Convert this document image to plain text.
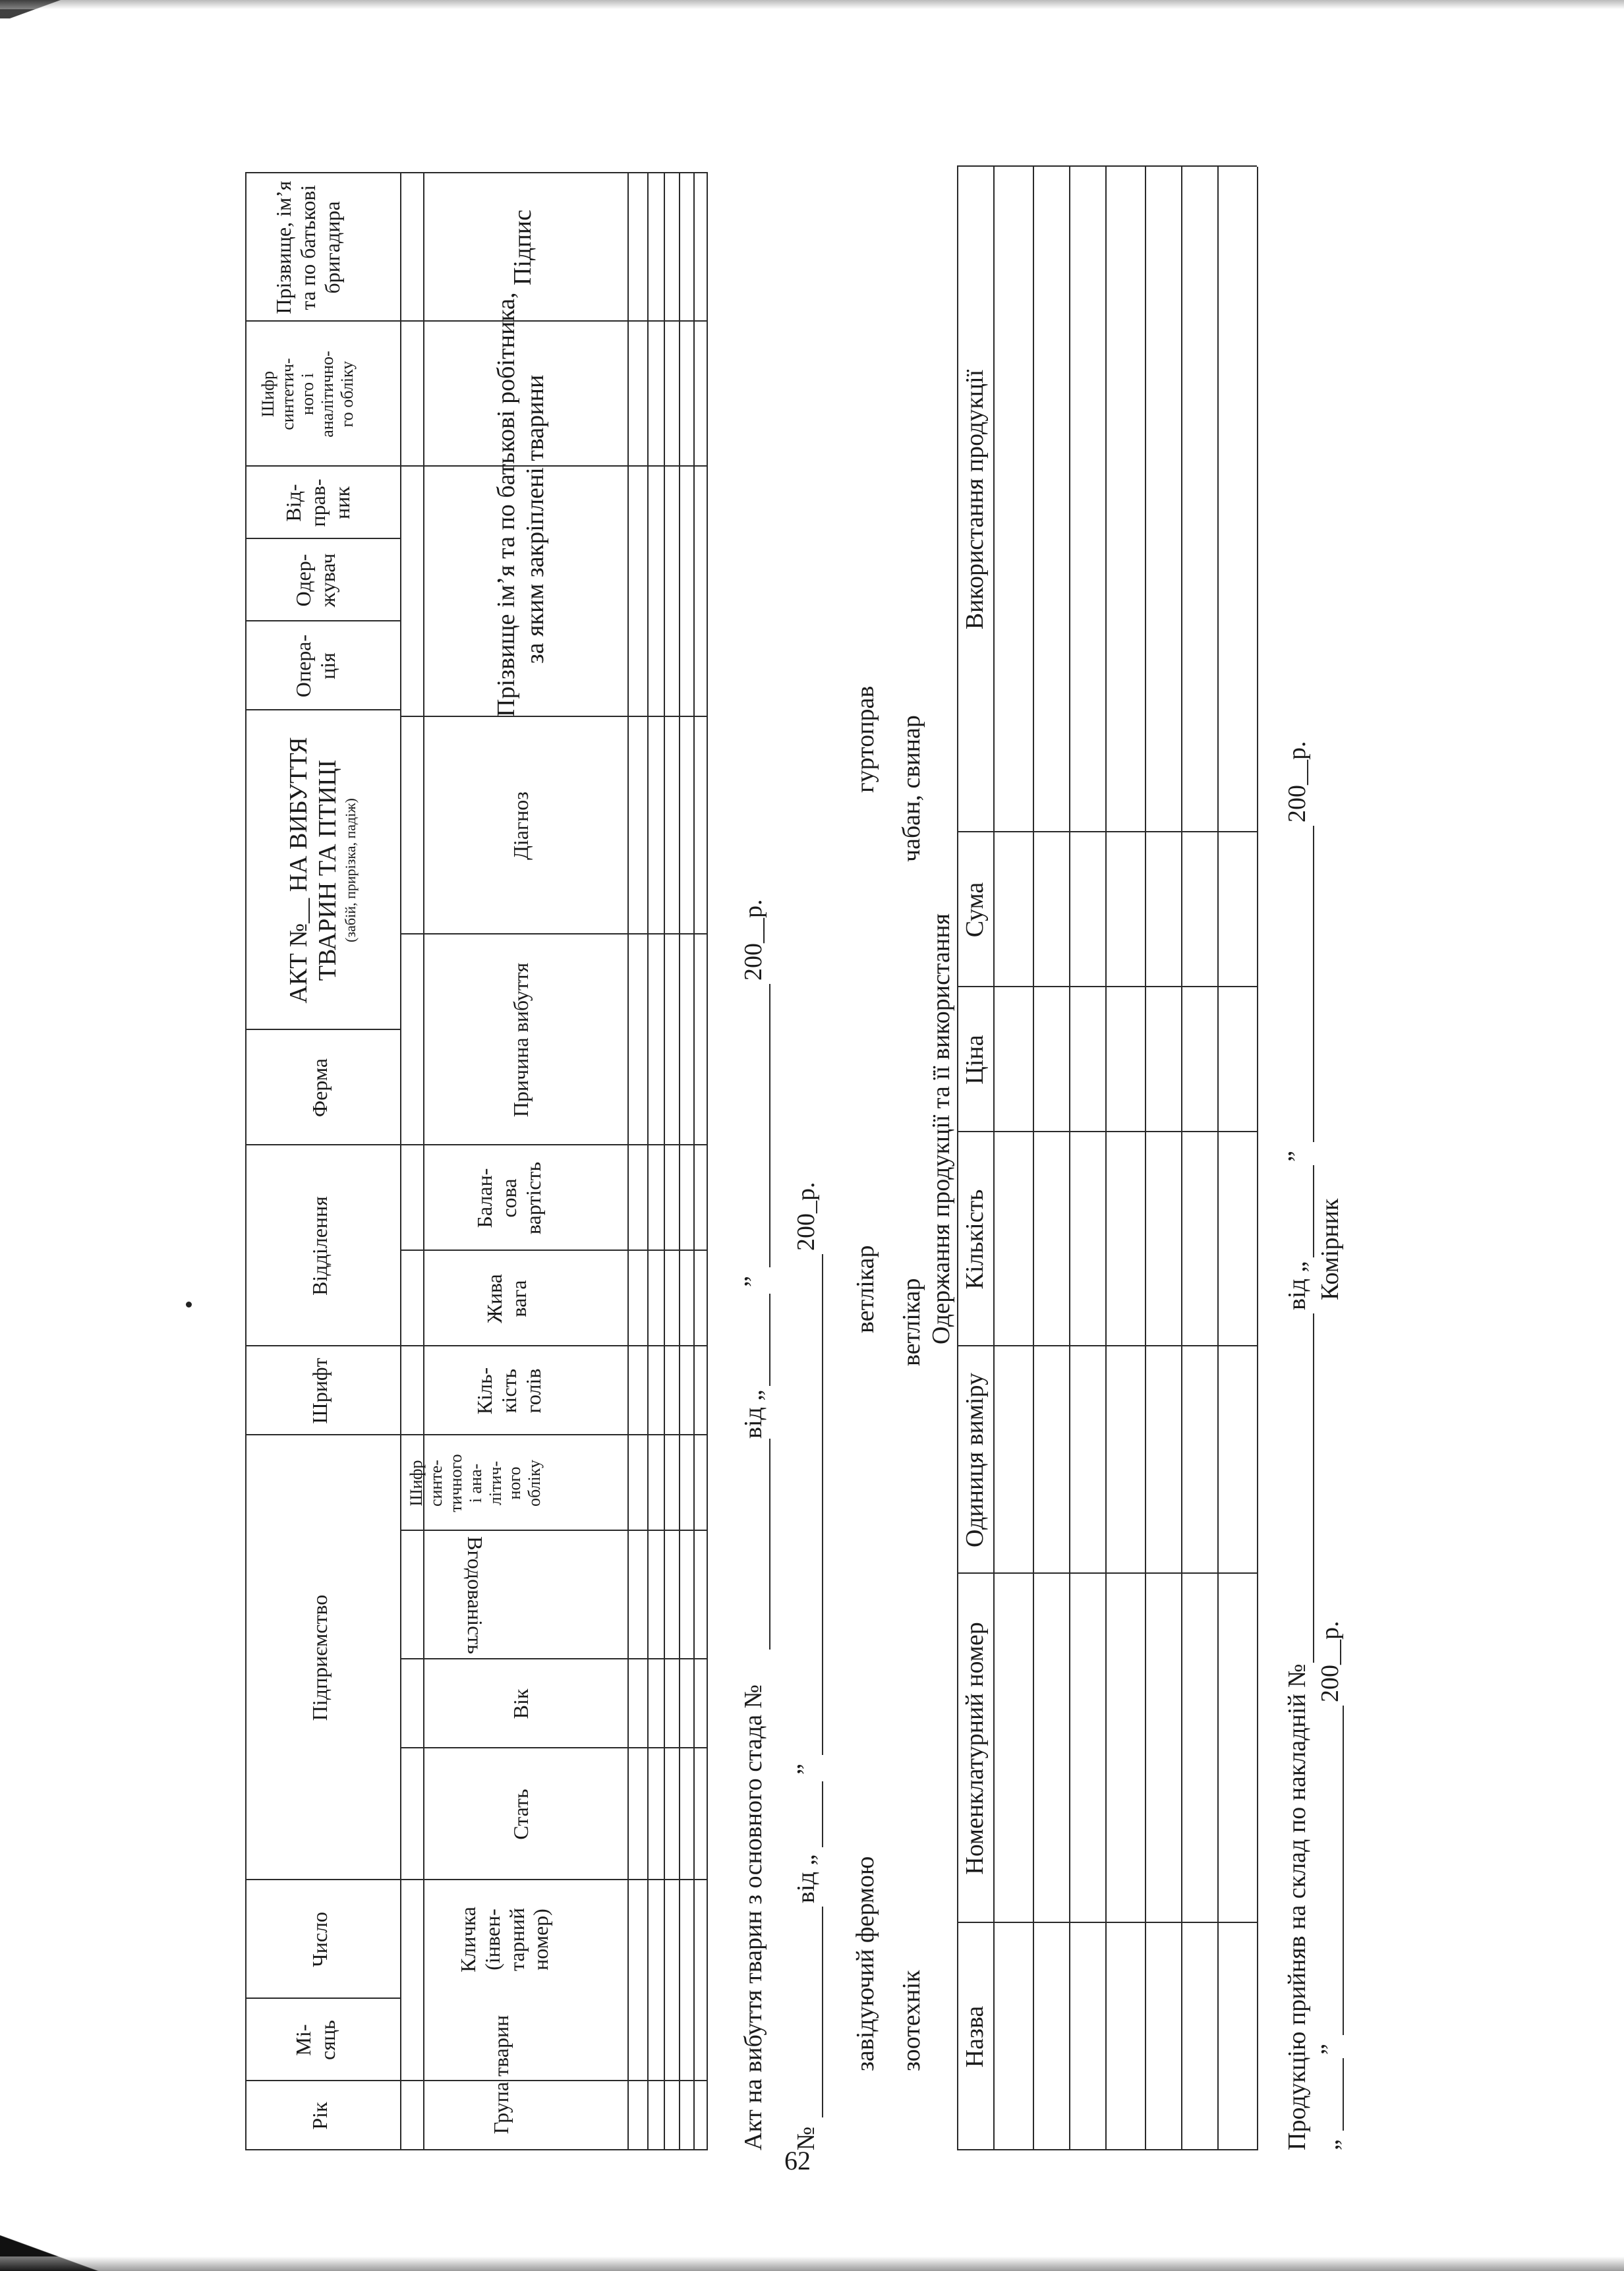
Рік
Мі- сяць
Число
Підприємство
Шрифт
Відділення
Ферма
АКТ №__ НА ВИБУТТЯ ТВАРИН ТА ПТИЦІ (забій, прирізка, падіж)
Опера- ція
Одер- жувач
Від- прав- ник
Шифр синтетич- ного і аналітично- го обліку
Прізвище, ім’я та по батькові бригадира
Група тварин
Кличка (інвен- тарний номер)
Стать
Вік
Вгодованість
Шифр синте- тичного і ана- літич- ного обліку
Кіль- кість голів
Жива вага
Балан- сова вартість
Причина вибуття
Діагноз
Прізвище ім’я та по батькові робітника, за яким закріплені тварини
Підпис
Акт на вибуття тварин з основного стада №
від „
”
200__р.
№
від „
”
200_р.
завідуючий фермою
ветлікар
гуртоправ
зоотехнік
ветлікар
чабан, свинар
Одержання продукції та її використання
Назва
Номенклатурний номер
Одиниця виміру
Кількість
Ціна
Сума
Використання продукції
Продукцію прийняв на склад по накладній №
від „
”
200__р.
„
”
200__р.
Комірник
62
